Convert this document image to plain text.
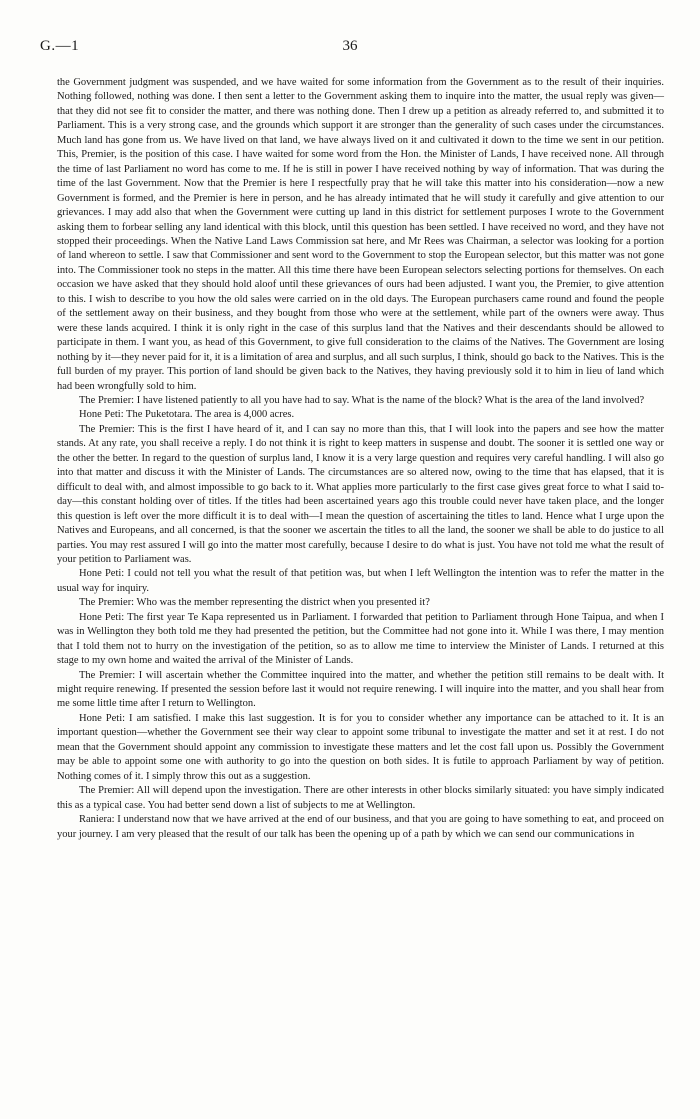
G.—1	36

the Government judgment was suspended, and we have waited for some information from the Government as to the result of their inquiries. Nothing followed, nothing was done. I then sent a letter to the Government asking them to inquire into the matter, the usual reply was given—that they did not see fit to consider the matter, and there was nothing done. Then I drew up a petition as already referred to, and submitted it to Parliament. This is a very strong case, and the grounds which support it are stronger than the generality of such cases under the circumstances. Much land has gone from us. We have lived on that land, we have always lived on it and cultivated it down to the time we sent in our petition. This, Premier, is the position of this case. I have waited for some word from the Hon. the Minister of Lands, I have received none. All through the time of last Parliament no word has come to me. If he is still in power I have received nothing by way of information. That was during the time of the last Government. Now that the Premier is here I respectfully pray that he will take this matter into his consideration—now a new Government is formed, and the Premier is here in person, and he has already intimated that he will study it carefully and give attention to our grievances. I may add also that when the Government were cutting up land in this district for settlement purposes I wrote to the Government asking them to forbear selling any land identical with this block, until this question has been settled. I have received no word, and they have not stopped their proceedings. When the Native Land Laws Commission sat here, and Mr Rees was Chairman, a selector was looking for a portion of land whereon to settle. I saw that Commissioner and sent word to the Government to stop the European selector, but this matter was not gone into. The Commissioner took no steps in the matter. All this time there have been European selectors selecting portions for themselves. On each occasion we have asked that they should hold aloof until these grievances of ours had been adjusted. I want you, the Premier, to give attention to this. I wish to describe to you how the old sales were carried on in the old days. The European purchasers came round and found the people of the settlement away on their business, and they bought from those who were at the settlement, while part of the owners were away. Thus were these lands acquired. I think it is only right in the case of this surplus land that the Natives and their descendants should be allowed to participate in them. I want you, as head of this Government, to give full consideration to the claims of the Natives. The Government are losing nothing by it—they never paid for it, it is a limitation of area and surplus, and all such surplus, I think, should go back to the Natives. This is the full burden of my prayer. This portion of land should be given back to the Natives, they having previously sold it to him in lieu of land which had been wrongfully sold to him.

The Premier: I have listened patiently to all you have had to say. What is the name of the block? What is the area of the land involved?

Hone Peti: The Puketotara. The area is 4,000 acres.

The Premier: This is the first I have heard of it, and I can say no more than this, that I will look into the papers and see how the matter stands. At any rate, you shall receive a reply. I do not think it is right to keep matters in suspense and doubt. The sooner it is settled one way or the other the better. In regard to the question of surplus land, I know it is a very large question and requires very careful handling. I will also go into that matter and discuss it with the Minister of Lands. The circumstances are so altered now, owing to the time that has elapsed, that it is difficult to deal with, and almost impossible to go back to it. What applies more particularly to the first case gives great force to what I said to-day—this constant holding over of titles. If the titles had been ascertained years ago this trouble could never have taken place, and the longer this question is left over the more difficult it is to deal with—I mean the question of ascertaining the titles to land. Hence what I urge upon the Natives and Europeans, and all concerned, is that the sooner we ascertain the titles to all the land, the sooner we shall be able to do justice to all parties. You may rest assured I will go into the matter most carefully, because I desire to do what is just. You have not told me what the result of your petition to Parliament was.

Hone Peti: I could not tell you what the result of that petition was, but when I left Wellington the intention was to refer the matter in the usual way for inquiry.

The Premier: Who was the member representing the district when you presented it?

Hone Peti: The first year Te Kapa represented us in Parliament. I forwarded that petition to Parliament through Hone Taipua, and when I was in Wellington they both told me they had presented the petition, but the Committee had not gone into it. While I was there, I may mention that I told them not to hurry on the investigation of the petition, so as to allow me time to interview the Minister of Lands. I returned at this stage to my own home and waited the arrival of the Minister of Lands.

The Premier: I will ascertain whether the Committee inquired into the matter, and whether the petition still remains to be dealt with. It might require renewing. If presented the session before last it would not require renewing. I will inquire into the matter, and you shall hear from me some little time after I return to Wellington.

Hone Peti: I am satisfied. I make this last suggestion. It is for you to consider whether any importance can be attached to it. It is an important question—whether the Government see their way clear to appoint some tribunal to investigate the matter and set it at rest. I do not mean that the Government should appoint any commission to investigate these matters and let the cost fall upon us. Possibly the Government may be able to appoint some one with authority to go into the question on both sides. It is futile to approach Parliament by way of petition. Nothing comes of it. I simply throw this out as a suggestion.

The Premier: All will depend upon the investigation. There are other interests in other blocks similarly situated: you have simply indicated this as a typical case. You had better send down a list of subjects to me at Wellington.

Raniera: I understand now that we have arrived at the end of our business, and that you are going to have something to eat, and proceed on your journey. I am very pleased that the result of our talk has been the opening up of a path by which we can send our communications in
